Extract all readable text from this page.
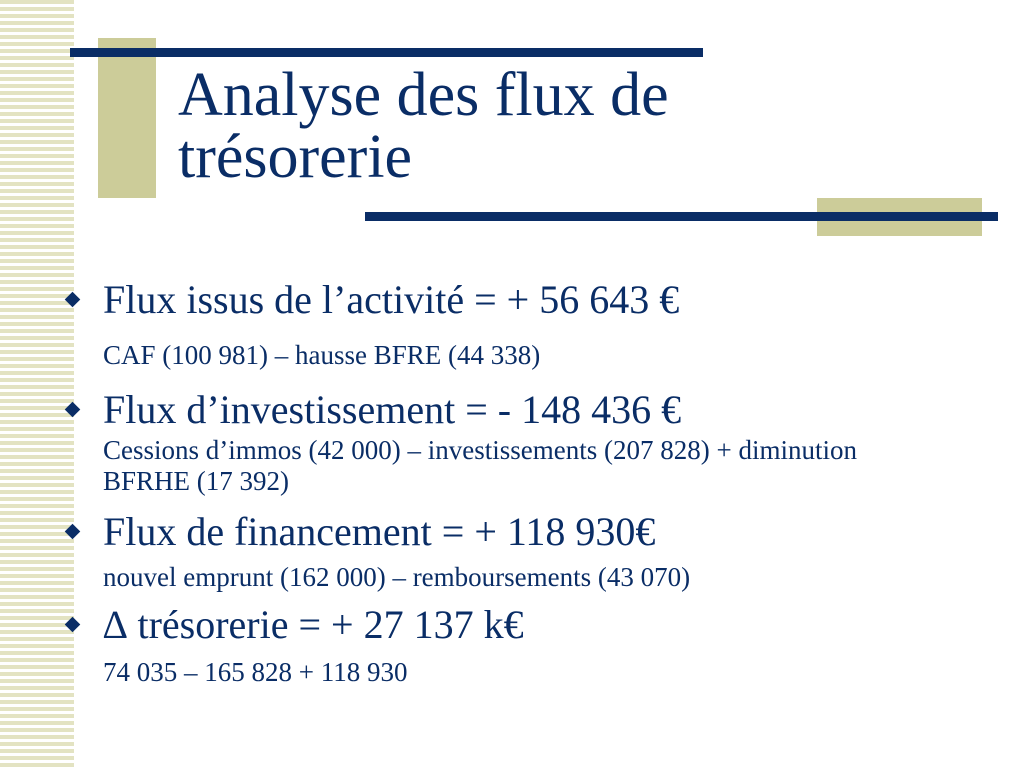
Analyse des flux de
trésorerie

Flux issus de l’activité = + 56 643 €

CAF (100 981) – hausse BFRE (44 338)

Flux d’investissement = - 148 436 €

Cessions d’immos (42 000) – investissements (207 828) + diminution BFRHE (17 392)

Flux de financement = + 118 930€

nouvel emprunt (162 000) – remboursements (43 070)

∆ trésorerie = + 27 137 k€

74 035 – 165 828 + 118 930
